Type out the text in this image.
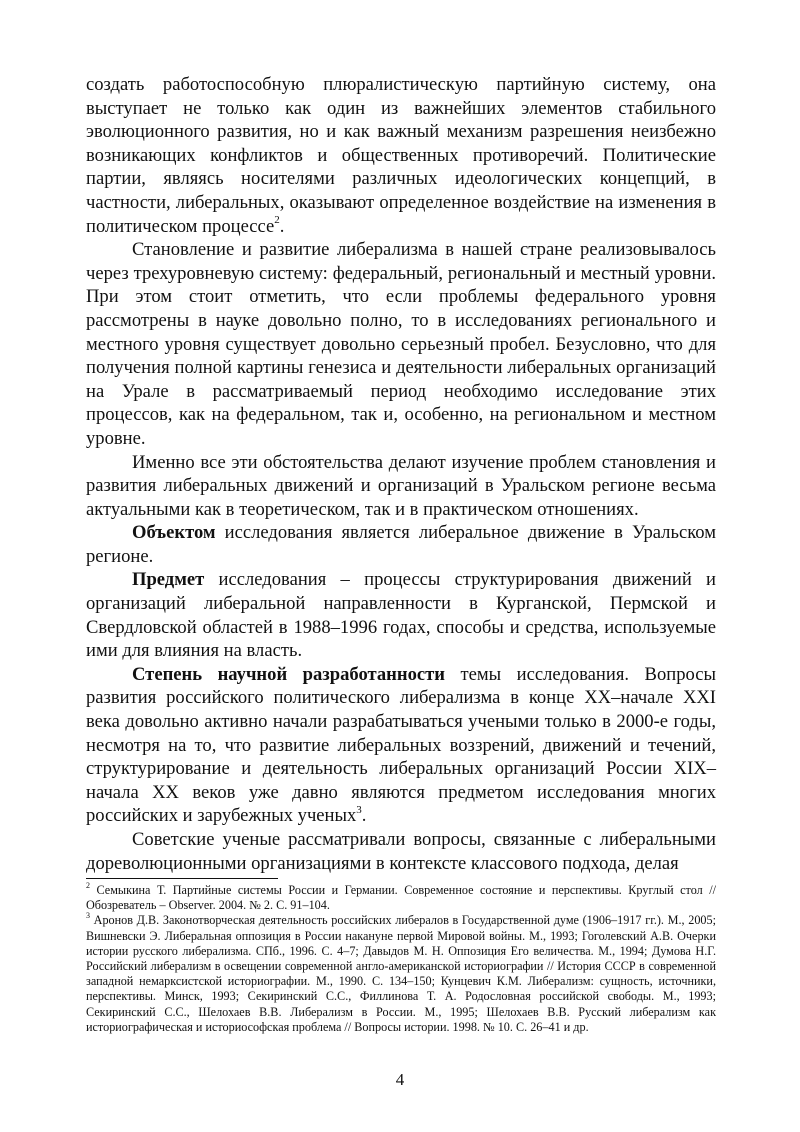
создать работоспособную плюралистическую партийную систему, она выступает не только как один из важнейших элементов стабильного эволюционного развития, но и как важный механизм разрешения неизбежно возникающих конфликтов и общественных противоречий. Политические партии, являясь носителями различных идеологических концепций, в частности, либеральных, оказывают определенное воздействие на изменения в политическом процессе$^2$.

Становление и развитие либерализма в нашей стране реализовывалось через трехуровневую систему: федеральный, региональный и местный уровни. При этом стоит отметить, что если проблемы федерального уровня рассмотрены в науке довольно полно, то в исследованиях регионального и местного уровня существует довольно серьезный пробел. Безусловно, что для получения полной картины генезиса и деятельности либеральных организаций на Урале в рассматриваемый период необходимо исследование этих процессов, как на федеральном, так и, особенно, на региональном и местном уровне.

Именно все эти обстоятельства делают изучение проблем становления и развития либеральных движений и организаций в Уральском регионе весьма актуальными как в теоретическом, так и в практическом отношениях.

Объектом исследования является либеральное движение в Уральском регионе.

Предмет исследования – процессы структурирования движений и организаций либеральной направленности в Курганской, Пермской и Свердловской областей в 1988–1996 годах, способы и средства, используемые ими для влияния на власть.

Степень научной разработанности темы исследования. Вопросы развития российского политического либерализма в конце XX–начале XXI века довольно активно начали разрабатываться учеными только в 2000-е годы, несмотря на то, что развитие либеральных воззрений, движений и течений, структурирование и деятельность либеральных организаций России XIX–начала XX веков уже давно являются предметом исследования многих российских и зарубежных ученых$^3$.

Советские ученые рассматривали вопросы, связанные с либеральными дореволюционными организациями в контексте классового подхода, делая

$^2$ Семыкина Т. Партийные системы России и Германии. Современное состояние и перспективы. Круглый стол // Обозреватель – Observer. 2004. № 2. С. 91–104.

$^3$ Аронов Д.В. Законотворческая деятельность российских либералов в Государственной думе (1906–1917 гг.). М., 2005; Вишневски Э. Либеральная оппозиция в России накануне первой Мировой войны. М., 1993; Гоголевский А.В. Очерки истории русского либерализма. СПб., 1996. С. 4–7; Давыдов М. Н. Оппозиция Его величества. М., 1994; Думова Н.Г. Российский либерализм в освещении современной англо-американской историографии // История СССР в современной западной немарксистской историографии. М., 1990. С. 134–150; Кунцевич К.М. Либерализм: сущность, источники, перспективы. Минск, 1993; Секиринский С.С., Филлинова Т. А. Родословная российской свободы. М., 1993; Секиринский С.С., Шелохаев В.В. Либерализм в России. М., 1995; Шелохаев В.В. Русский либерализм как историографическая и историософская проблема // Вопросы истории. 1998. № 10. С. 26–41 и др.

4
